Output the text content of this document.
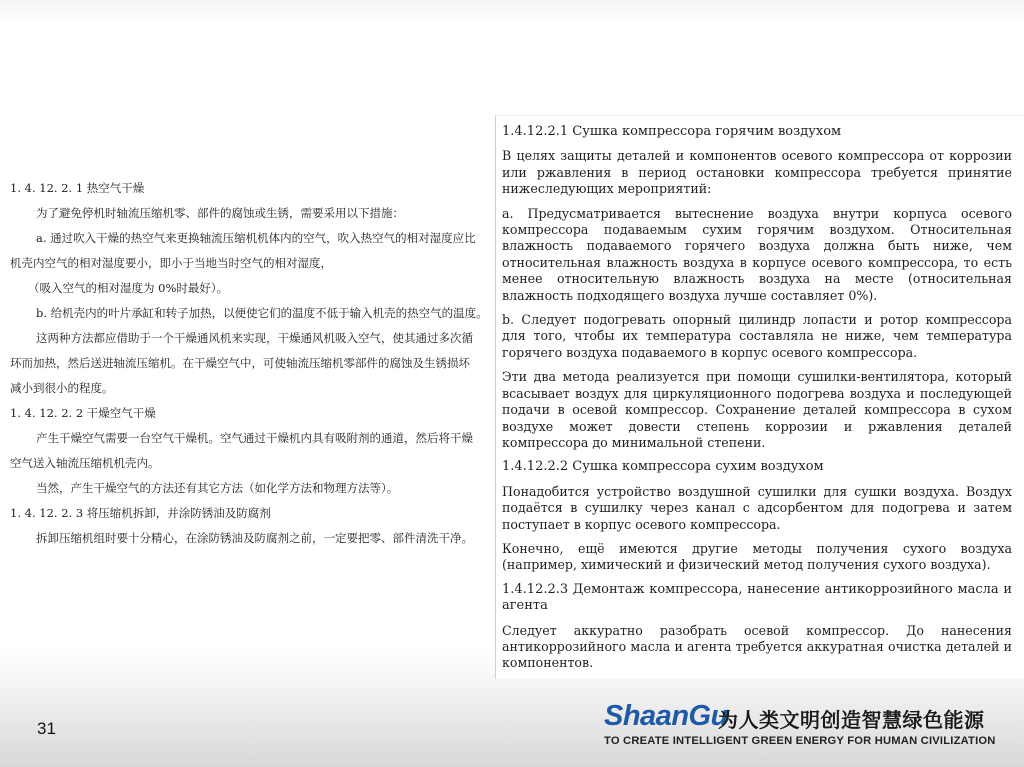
1. 4. 12. 2. 1 热空气干燥

为了避免停机时轴流压缩机零、部件的腐蚀或生锈，需要采用以下措施：

a. 通过吹入干燥的热空气来更换轴流压缩机机体内的空气，吹入热空气的相对湿度应比

机壳内空气的相对湿度要小，即小于当地当时空气的相对湿度，

（吸入空气的相对湿度为 0%时最好）。

b. 给机壳内的叶片承缸和转子加热，以便使它们的温度不低于输入机壳的热空气的温度。

这两种方法都应借助于一个干燥通风机来实现，干燥通风机吸入空气，使其通过多次循

环而加热，然后送进轴流压缩机。在干燥空气中，可使轴流压缩机零部件的腐蚀及生锈损坏

减小到很小的程度。

1. 4. 12. 2. 2 干燥空气干燥

产生干燥空气需要一台空气干燥机。空气通过干燥机内具有吸附剂的通道，然后将干燥

空气送入轴流压缩机机壳内。

当然，产生干燥空气的方法还有其它方法（如化学方法和物理方法等）。

1. 4. 12. 2. 3 将压缩机拆卸，并涂防锈油及防腐剂

拆卸压缩机组时要十分精心，在涂防锈油及防腐剂之前，一定要把零、部件清洗干净。

1.4.12.2.1 Сушка компрессора горячим воздухом

В целях защиты деталей и компонентов осевого компрессора от коррозии или ржавления в период остановки компрессора требуется принятие нижеследующих мероприятий:

a. Предусматривается вытеснение воздуха внутри корпуса осевого компрессора подаваемым сухим горячим воздухом. Относительная влажность подаваемого горячего воздуха должна быть ниже, чем относительная влажность воздуха в корпусе осевого компрессора, то есть менее относительную влажность воздуха на месте (относительная влажность подходящего воздуха лучше составляет 0%).

b. Следует подогревать опорный цилиндр лопасти и ротор компрессора для того, чтобы их температура составляла не ниже, чем температура горячего воздуха подаваемого в корпус осевого компрессора.

Эти два метода реализуется при помощи сушилки-вентилятора, который всасывает воздух для циркуляционного подогрева воздуха и последующей подачи в осевой компрессор. Сохранение деталей компрессора в сухом воздухе может довести степень коррозии и ржавления деталей компрессора до минимальной степени.

1.4.12.2.2 Сушка компрессора сухим воздухом

Понадобится устройство воздушной сушилки для сушки воздуха. Воздух подаётся в сушилку через канал с адсорбентом для подогрева и затем поступает в корпус осевого компрессора.

Конечно, ещё имеются другие методы получения сухого воздуха (например, химический и физический метод получения сухого воздуха).

1.4.12.2.3 Демонтаж компрессора, нанесение антикоррозийного масла и агента

Следует аккуратно разобрать осевой компрессор. До нанесения антикоррозийного масла и агента требуется аккуратная очистка деталей и компонентов.

31	ShaanGu
为人类文明创造智慧绿色能源
TO CREATE INTELLIGENT GREEN ENERGY FOR HUMAN CIVILIZATION
